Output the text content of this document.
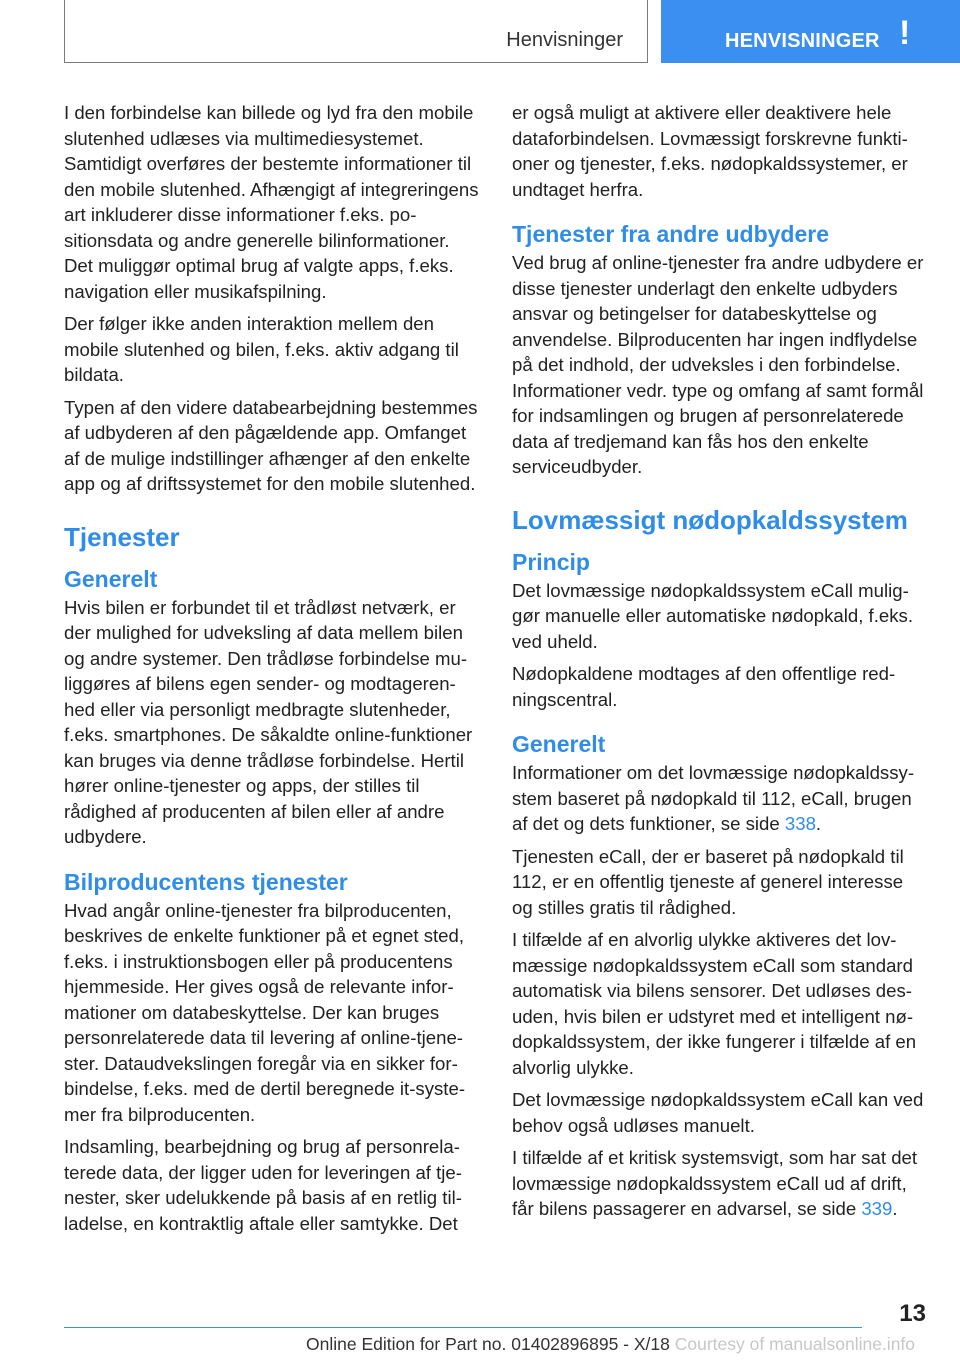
Henvisninger	HENVISNINGER !

I den forbindelse kan billede og lyd fra den mobile slutenhed udlæses via multimediesystemet. Samtidigt overføres der bestemte informationer til den mobile slutenhed. Afhængigt af integreringens art inkluderer disse informationer f.eks. positionsdata og andre generelle bilinformationer. Det muliggør optimal brug af valgte apps, f.eks. navigation eller musikafspilning.

Der følger ikke anden interaktion mellem den mobile slutenhed og bilen, f.eks. aktiv adgang til bildata.

Typen af den videre databearbejdning bestemmes af udbyderen af den pågældende app. Omfanget af de mulige indstillinger afhænger af den enkelte app og af driftssystemet for den mobile slutenhed.

Tjenester
Generelt

Hvis bilen er forbundet til et trådløst netværk, er der mulighed for udveksling af data mellem bilen og andre systemer. Den trådløse forbindelse muliggøres af bilens egen sender- og modtagerenhed eller via personligt medbragte slutenheder, f.eks. smartphones. De såkaldte online-funktioner kan bruges via denne trådløse forbindelse. Hertil hører online-tjenester og apps, der stilles til rådighed af producenten af bilen eller af andre udbydere.

Bilproducentens tjenester

Hvad angår online-tjenester fra bilproducenten, beskrives de enkelte funktioner på et egnet sted, f.eks. i instruktionsbogen eller på producentens hjemmeside. Her gives også de relevante informationer om databeskyttelse. Der kan bruges personrelaterede data til levering af online-tjenester. Dataudvekslingen foregår via en sikker forbindelse, f.eks. med de dertil beregnede it-systemer fra bilproducenten.

Indsamling, bearbejdning og brug af personrelaterede data, der ligger uden for leveringen af tjenester, sker udelukkende på basis af en retlig tilladelse, en kontraktlig aftale eller samtykke. Det

er også muligt at aktivere eller deaktivere hele dataforbindelsen. Lovmæssigt forskrevne funktioner og tjenester, f.eks. nødopkaldssystemer, er undtaget herfra.

Tjenester fra andre udbydere

Ved brug af online-tjenester fra andre udbydere er disse tjenester underlagt den enkelte udbyders ansvar og betingelser for databeskyttelse og anvendelse. Bilproducenten har ingen indflydelse på det indhold, der udveksles i den forbindelse. Informationer vedr. type og omfang af samt formål for indsamlingen og brugen af personrelaterede data af tredjemand kan fås hos den enkelte serviceudbyder.

Lovmæssigt nødopkaldssystem
Princip

Det lovmæssige nødopkaldssystem eCall muliggør manuelle eller automatiske nødopkald, f.eks. ved uheld.

Nødopkaldene modtages af den offentlige redningscentral.

Generelt

Informationer om det lovmæssige nødopkaldssystem baseret på nødopkald til 112, eCall, brugen af det og dets funktioner, se side 338.

Tjenesten eCall, der er baseret på nødopkald til 112, er en offentlig tjeneste af generel interesse og stilles gratis til rådighed.

I tilfælde af en alvorlig ulykke aktiveres det lovmæssige nødopkaldssystem eCall som standard automatisk via bilens sensorer. Det udløses desuden, hvis bilen er udstyret med et intelligent nødopkaldssystem, der ikke fungerer i tilfælde af en alvorlig ulykke.

Det lovmæssige nødopkaldssystem eCall kan ved behov også udløses manuelt.

I tilfælde af et kritisk systemsvigt, som har sat det lovmæssige nødopkaldssystem eCall ud af drift, får bilens passagerer en advarsel, se side 339.

13
Online Edition for Part no. 01402896895 - X/18 Courtesy of manualsonline.info
